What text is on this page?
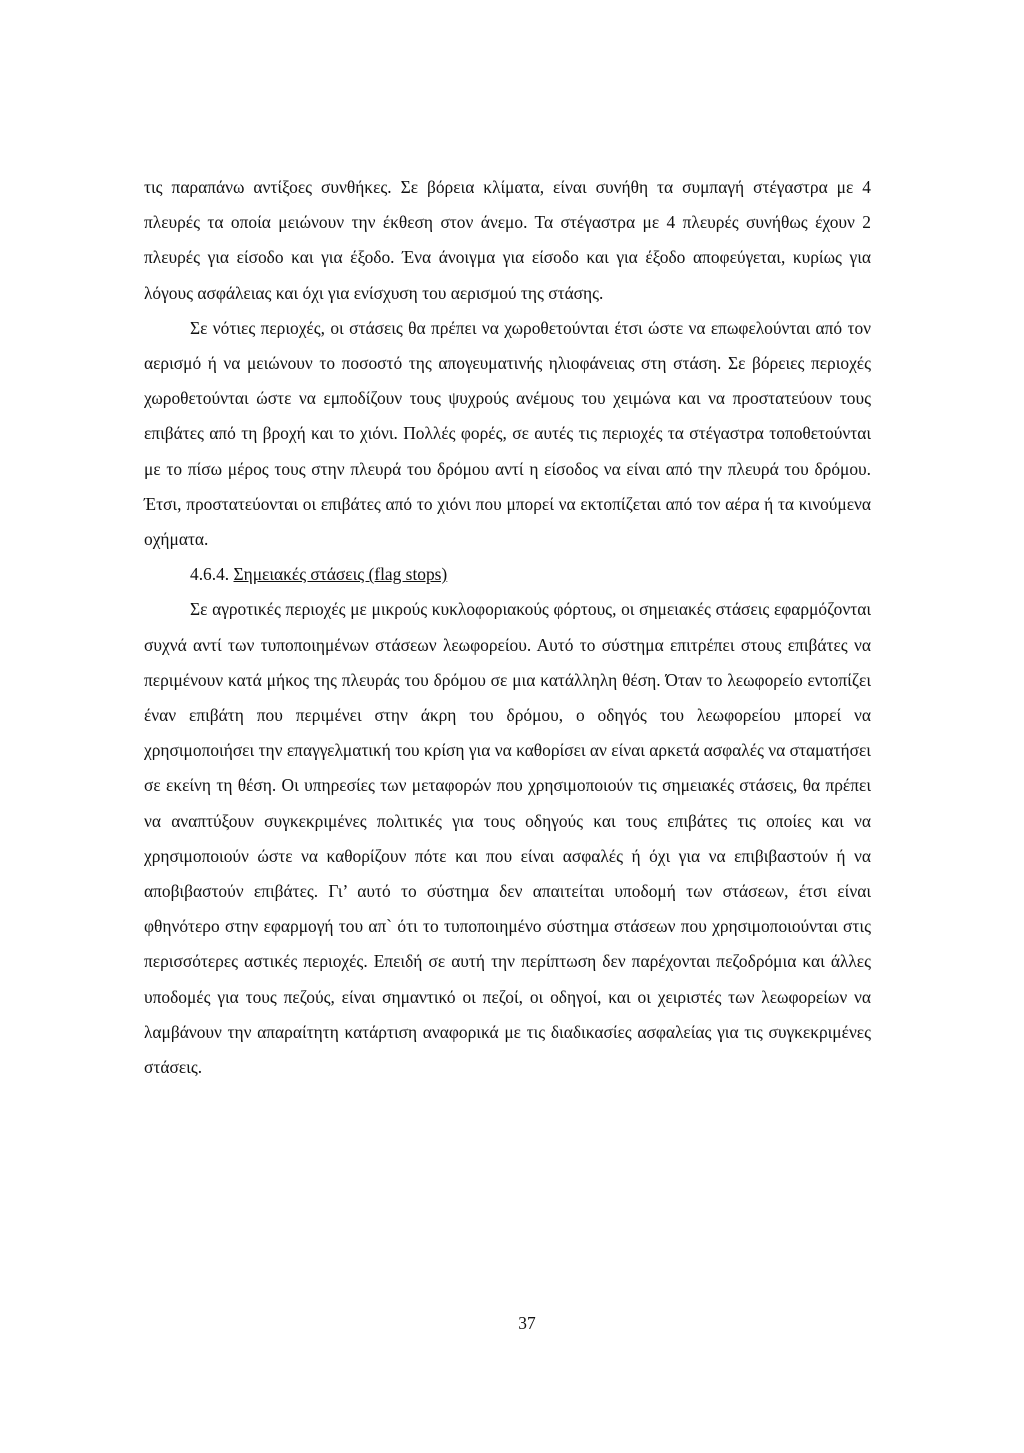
τις παραπάνω αντίξοες συνθήκες. Σε βόρεια κλίματα, είναι συνήθη τα συμπαγή στέγαστρα με 4 πλευρές τα οποία μειώνουν την έκθεση στον άνεμο. Τα στέγαστρα με 4 πλευρές συνήθως έχουν 2 πλευρές για είσοδο και για έξοδο. Ένα άνοιγμα για είσοδο και για έξοδο αποφεύγεται, κυρίως για λόγους ασφάλειας και όχι για ενίσχυση του αερισμού της στάσης.

Σε νότιες περιοχές, οι στάσεις θα πρέπει να χωροθετούνται έτσι ώστε να επωφελούνται από τον αερισμό ή να μειώνουν το ποσοστό της απογευματινής ηλιοφάνειας στη στάση. Σε βόρειες περιοχές χωροθετούνται ώστε να εμποδίζουν τους ψυχρούς ανέμους του χειμώνα και να προστατεύουν τους επιβάτες από τη βροχή και το χιόνι. Πολλές φορές, σε αυτές τις περιοχές τα στέγαστρα τοποθετούνται με το πίσω μέρος τους στην πλευρά του δρόμου αντί η είσοδος να είναι από την πλευρά του δρόμου. Έτσι, προστατεύονται οι επιβάτες από το χιόνι που μπορεί να εκτοπίζεται από τον αέρα ή τα κινούμενα οχήματα.

4.6.4. Σημειακές στάσεις (flag stops)

Σε αγροτικές περιοχές με μικρούς κυκλοφοριακούς φόρτους, οι σημειακές στάσεις εφαρμόζονται συχνά αντί των τυποποιημένων στάσεων λεωφορείου. Αυτό το σύστημα επιτρέπει στους επιβάτες να περιμένουν κατά μήκος της πλευράς του δρόμου σε μια κατάλληλη θέση. Όταν το λεωφορείο εντοπίζει έναν επιβάτη που περιμένει στην άκρη του δρόμου, ο οδηγός του λεωφορείου μπορεί να χρησιμοποιήσει την επαγγελματική του κρίση για να καθορίσει αν είναι αρκετά ασφαλές να σταματήσει σε εκείνη τη θέση. Οι υπηρεσίες των μεταφορών που χρησιμοποιούν τις σημειακές στάσεις, θα πρέπει να αναπτύξουν συγκεκριμένες πολιτικές για τους οδηγούς και τους επιβάτες τις οποίες και να χρησιμοποιούν ώστε να καθορίζουν πότε και που είναι ασφαλές ή όχι για να επιβιβαστούν ή να αποβιβαστούν επιβάτες. Γι’ αυτό το σύστημα δεν απαιτείται υποδομή των στάσεων, έτσι είναι φθηνότερο στην εφαρμογή του απ` ότι το τυποποιημένο σύστημα στάσεων που χρησιμοποιούνται στις περισσότερες αστικές περιοχές. Επειδή σε αυτή την περίπτωση δεν παρέχονται πεζοδρόμια και άλλες υποδομές για τους πεζούς, είναι σημαντικό οι πεζοί, οι οδηγοί, και οι χειριστές των λεωφορείων να λαμβάνουν την απαραίτητη κατάρτιση αναφορικά με τις διαδικασίες ασφαλείας για τις συγκεκριμένες στάσεις.

37
